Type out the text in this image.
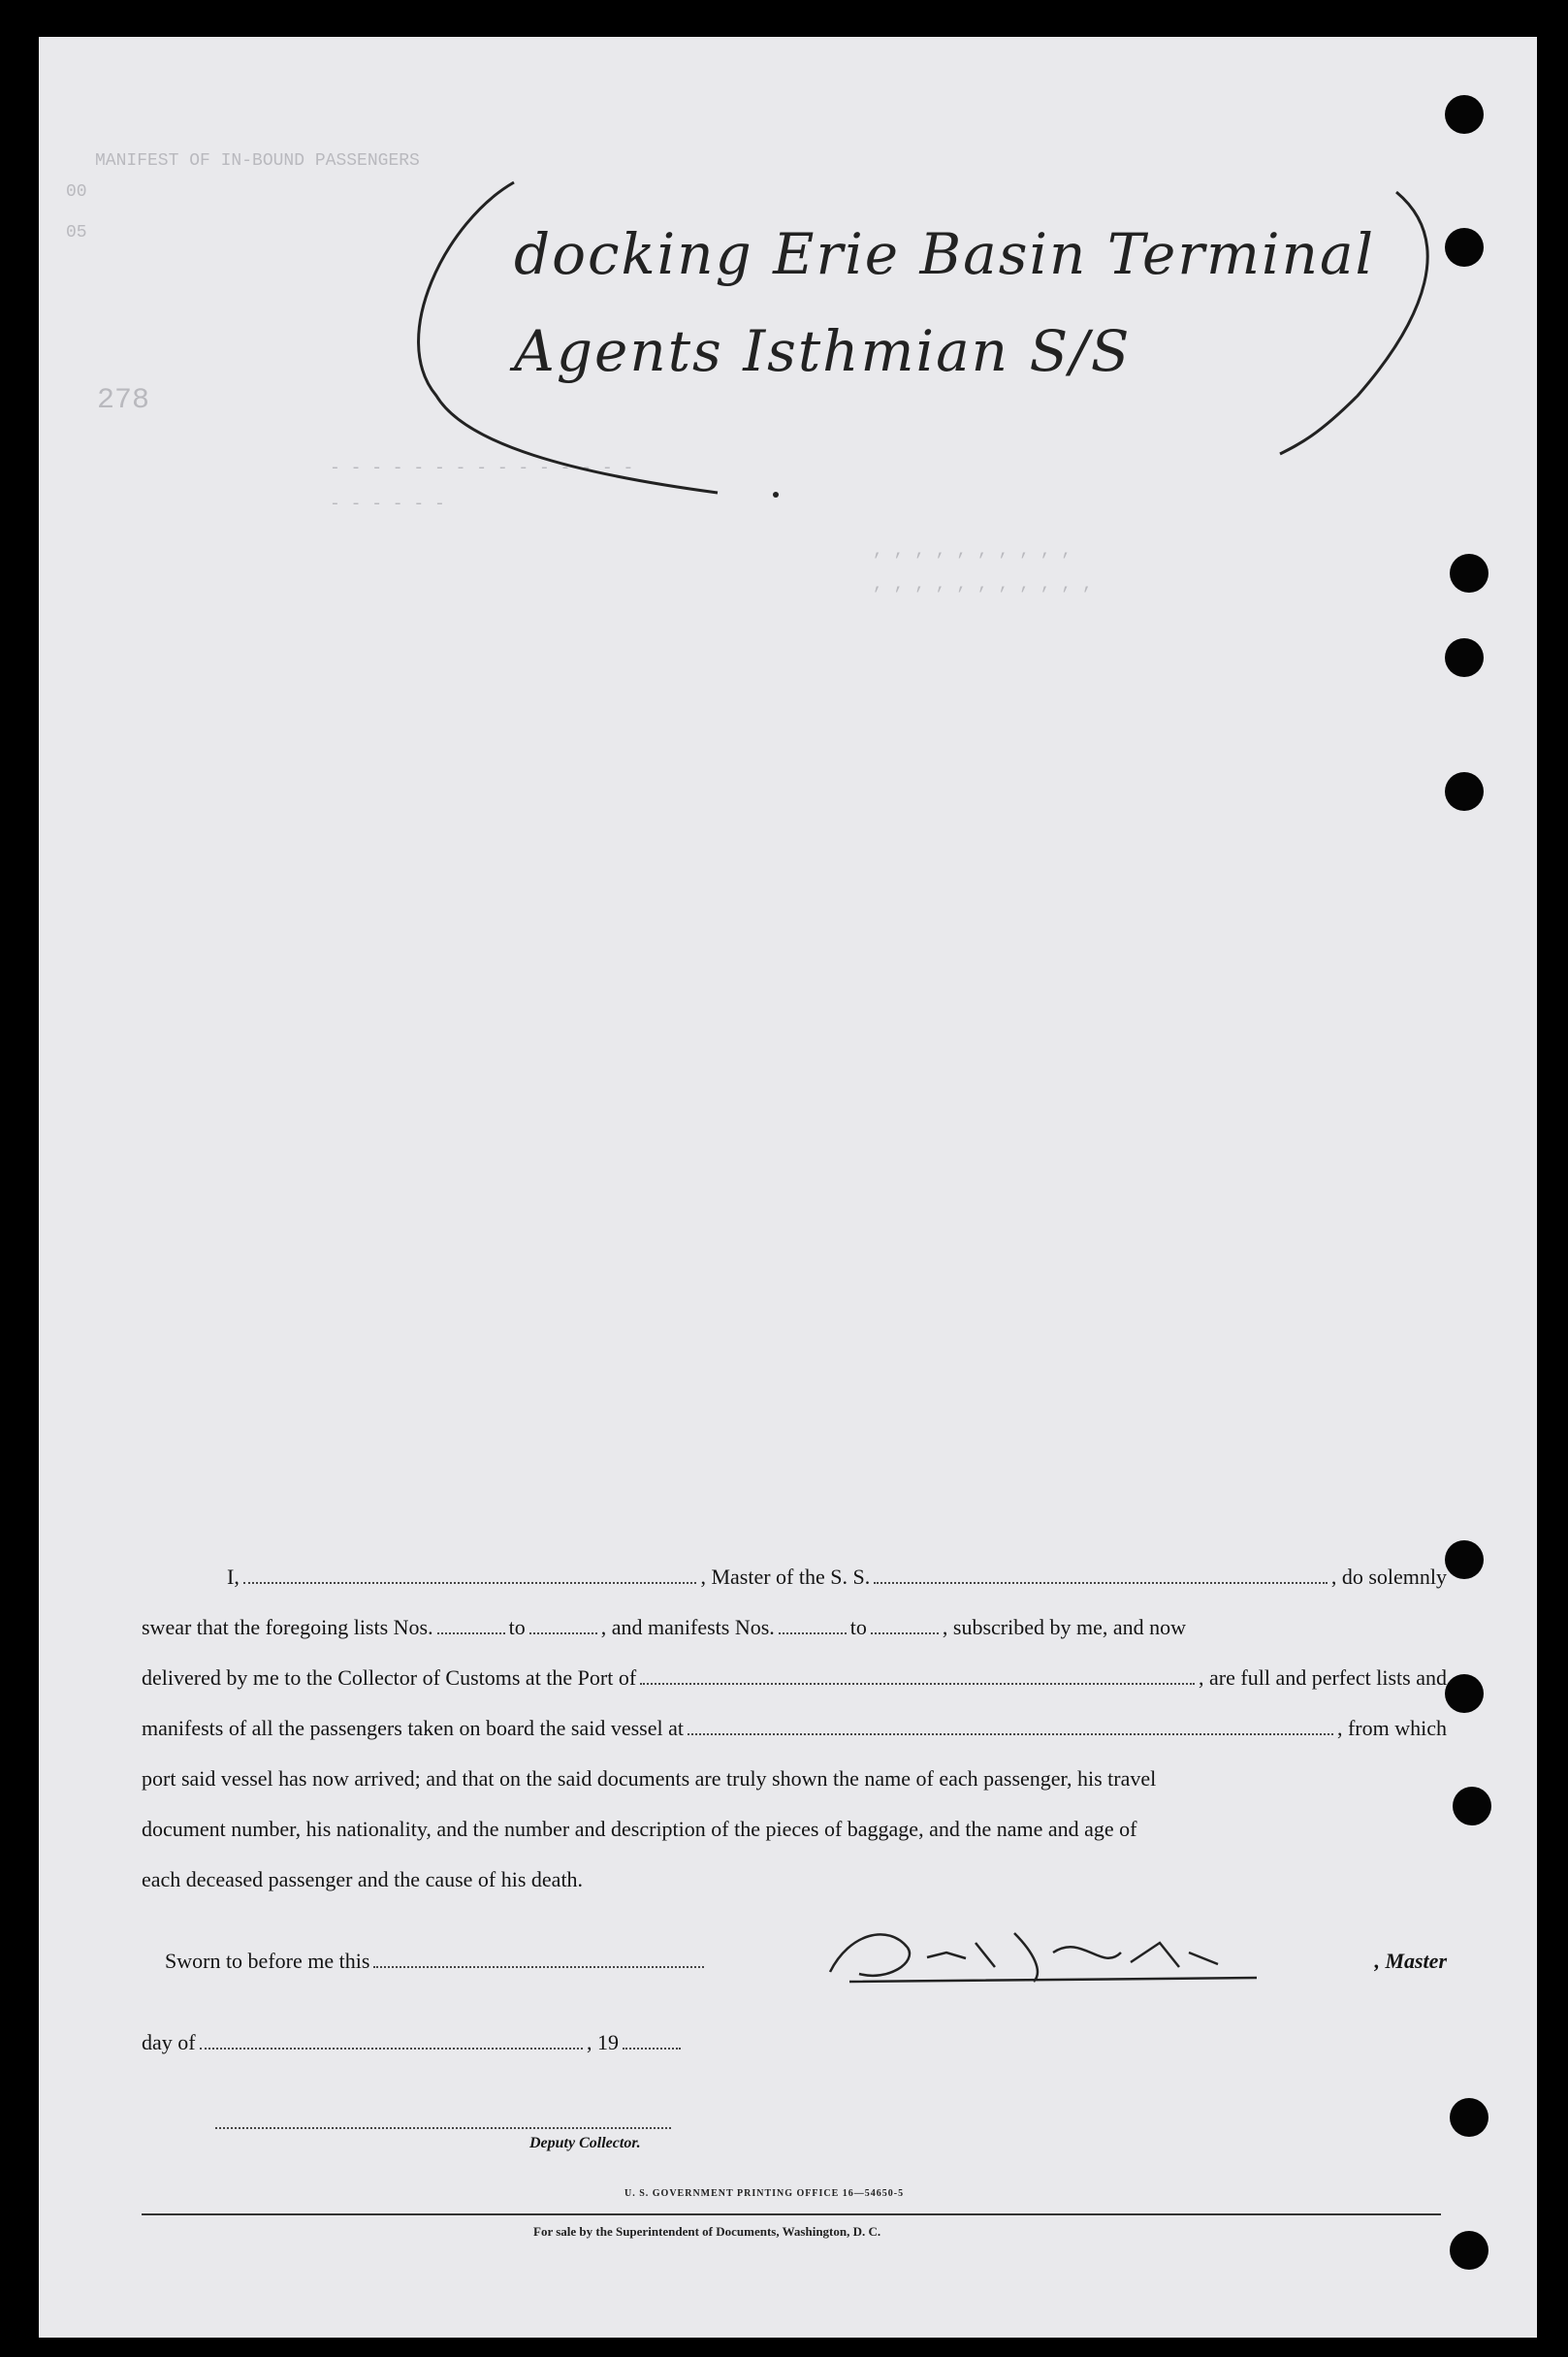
MANIFEST OF IN-BOUND PASSENGERS
00
05
278
- - - - - - - - - - - - - - -
- - - - - -
, , , , , , , , , ,
, , , , , , , , , , ,
docking Erie Basin Terminal
Agents Isthmian S/S
I,	, Master of the S. S.	, do solemnly
swear that the foregoing lists Nos.	to	, and manifests Nos.	to	, subscribed by me, and now
delivered by me to the Collector of Customs at the Port of	, are full and perfect lists and
manifests of all the passengers taken on board the said vessel at	, from which
port said vessel has now arrived; and that on the said documents are truly shown the name of each passenger, his travel
document number, his nationality, and the number and description of the pieces of baggage, and the name and age of
each deceased passenger and the cause of his death.
Sworn to before me this	, Master
day of	, 19
Deputy Collector.
U. S. GOVERNMENT PRINTING OFFICE 16—54650-5
For sale by the Superintendent of Documents, Washington, D. C.
